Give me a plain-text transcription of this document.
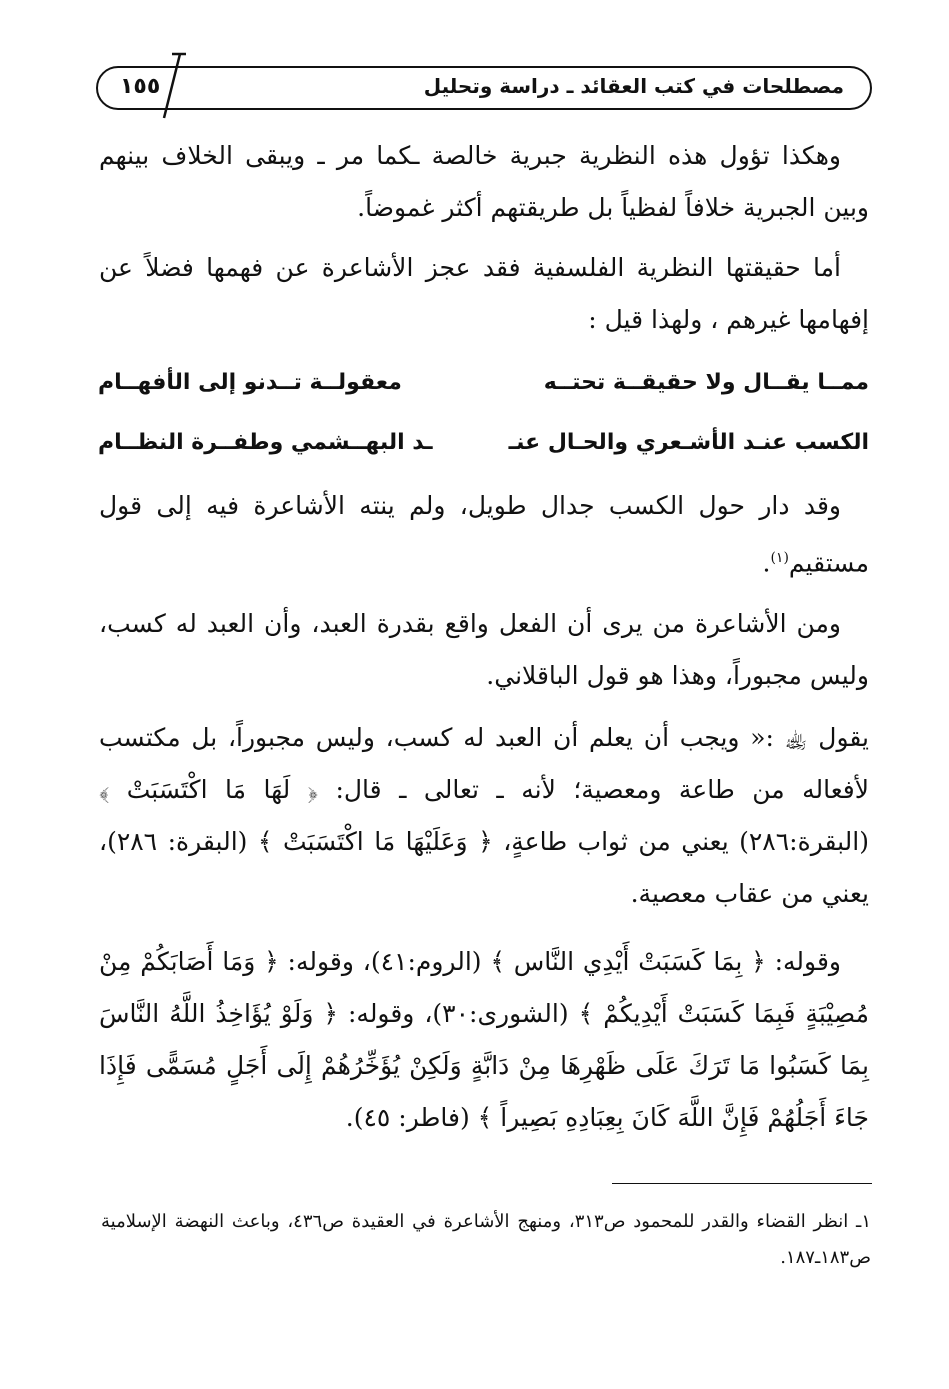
مصطلحات في كتب العقائد ـ دراسة وتحليل
١٥٥
وهكذا تؤول هذه النظرية جبرية خالصة ـكما مر ـ ويبقى الخلاف بينهم وبين الجبرية خلافاً لفظياً بل طريقتهم أكثر غموضاً.
أما حقيقتها النظرية الفلسفية فقد عجز الأشاعرة عن فهمها فضلاً عن إفهامها غيرهم ، ولهذا قيل :
ممــا يقــال ولا حقيقــة تحتــه
معقولــة تــدنو إلى الأفهــام
الكسب عنـد الأشـعري والحـال عنـ
ـد البهــشمي وطفــرة النظــام
وقد دار حول الكسب جدال طويل، ولم ينته الأشاعرة فيه إلى قول مستقيم$^{(١)}$.
ومن الأشاعرة من يرى أن الفعل واقع بقدرة العبد، وأن العبد له كسب، وليس مجبوراً، وهذا هو قول الباقلاني.
يقول ﵀ :« ويجب أن يعلم أن العبد له كسب، وليس مجبوراً، بل مكتسب لأفعاله من طاعة ومعصية؛ لأنه ـ تعالى ـ قال: ﴿ لَهَا مَا اكْتَسَبَتْ ﴾ (البقرة:٢٨٦) يعني من ثواب طاعةٍ، ﴿ وَعَلَيْهَا مَا اكْتَسَبَتْ ﴾ (البقرة: ٢٨٦)، يعني من عقاب معصية.
وقوله: ﴿ بِمَا كَسَبَتْ أَيْدِي النَّاس ﴾ (الروم:٤١)، وقوله: ﴿ وَمَا أَصَابَكُمْ مِنْ مُصِيْبَةٍ فَبِمَا كَسَبَتْ أَيْدِيكُمْ ﴾ (الشورى:٣٠)، وقوله: ﴿ وَلَوْ يُؤَاخِذُ اللَّهُ النَّاسَ بِمَا كَسَبُوا مَا تَرَكَ عَلَى ظَهْرِهَا مِنْ دَابَّةٍ وَلَكِنْ يُؤَخِّرُهُمْ إِلَى أَجَلٍ مُسَمًّى فَإِذَا جَاءَ أَجَلُهُمْ فَإِنَّ اللَّهَ كَانَ بِعِبَادِهِ بَصِيراً ﴾ (فاطر: ٤٥).
١ـ انظر القضاء والقدر للمحمود ص٣١٣، ومنهج الأشاعرة في العقيدة ص٤٣٦، وباعث النهضة الإسلامية ص١٨٣ـ١٨٧.
